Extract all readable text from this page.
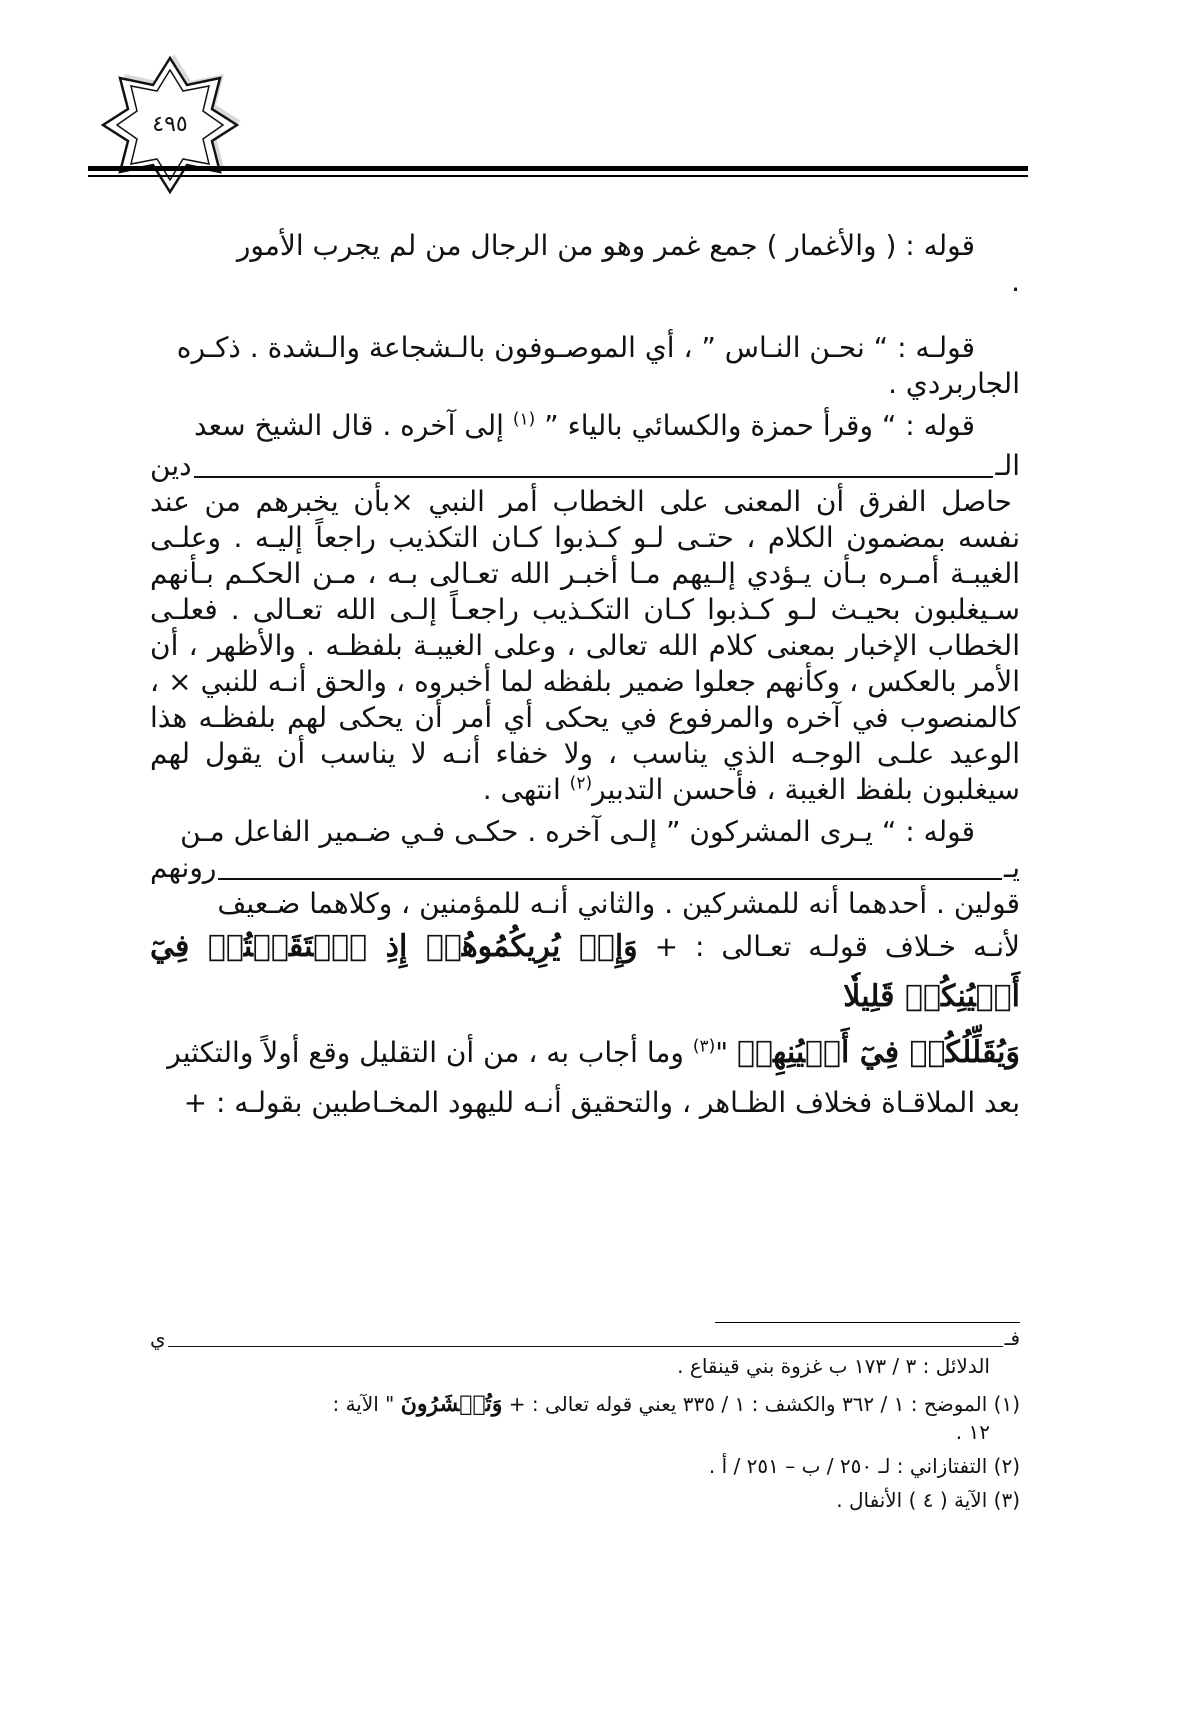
٤٩٥

قوله : ( والأغمار ) جمع غمر وهو من الرجال من لم يجرب الأمور
.

قولـه : “ نحـن النـاس ” ، أي الموصـوفون بالـشجاعة والـشدة . ذكـره
الجاربردي .

قوله : “ وقرأ حمزة والكسائي بالياء ” $^{(١)}$ إلى آخره . قال الشيخ سعد

الـ
دين

حاصل الفرق أن المعنى على الخطاب أمر النبي ×بأن يخبرهم من عند نفسه بمضمون الكلام ، حتـى لـو كـذبوا كـان التكذيب راجعاً إليـه . وعلـى الغيبـة أمـره بـأن يـؤدي إلـيهم مـا أخبـر الله تعـالى بـه ، مـن الحكـم بـأنهم سـيغلبون بحيـث لـو كـذبوا كـان التكـذيب راجعـاً إلـى الله تعـالى . فعلـى الخطاب الإخبار بمعنى كلام الله تعالى ، وعلى الغيبـة بلفظـه . والأظهر ، أن الأمر بالعكس ، وكأنهم جعلوا ضمير بلفظه لما أخبروه ، والحق أنـه للنبي × ، كالمنصوب في آخره والمرفوع في يحكى أي أمر أن يحكى لهم بلفظـه هذا الوعيد علـى الوجـه الذي يناسب ، ولا خفاء أنـه لا يناسب أن يقول لهم سيغلبون بلفظ الغيبة ، فأحسن التدبير$^{(٢)}$ انتهى .

قوله : “ يـرى المشركون ” إلـى آخره . حكـى فـي ضـمير الفاعل مـن

يـ
رونهم

قولين . أحدهما أنه للمشركين . والثاني أنـه للمؤمنين ، وكلاهما ضـعيف
لأنـه خـلاف قولـه تعـالى : + وَإِذۡ يُرِيكُمُوهُمۡ إِذِ ٱلۡتَقَيۡتُمۡ فِيٓ أَعۡيُنِكُمۡ قَلِيلٗا
وَيُقَلِّلُكُمۡ فِيٓ أَعۡيُنِهِمۡ "$^{(٣)}$ وما أجاب به ، من أن التقليل وقع أولاً والتكثير
بعد الملاقـاة فخلاف الظـاهر ، والتحقيق أنـه لليهود المخـاطبين بقولـه : +

فـ
ي
الدلائل : ٣ / ١٧٣ ب غزوة بني قينقاع .
(١) الموضح : ١ / ٣٦٢ والكشف : ١ / ٣٣٥ يعني قوله تعالى : + وَتُحۡشَرُونَ " الآية :
١٢ .
(٢) التفتازاني : لـ ٢٥٠ / ب – ٢٥١ / أ .
(٣) الآية ( ٤ ) الأنفال .
